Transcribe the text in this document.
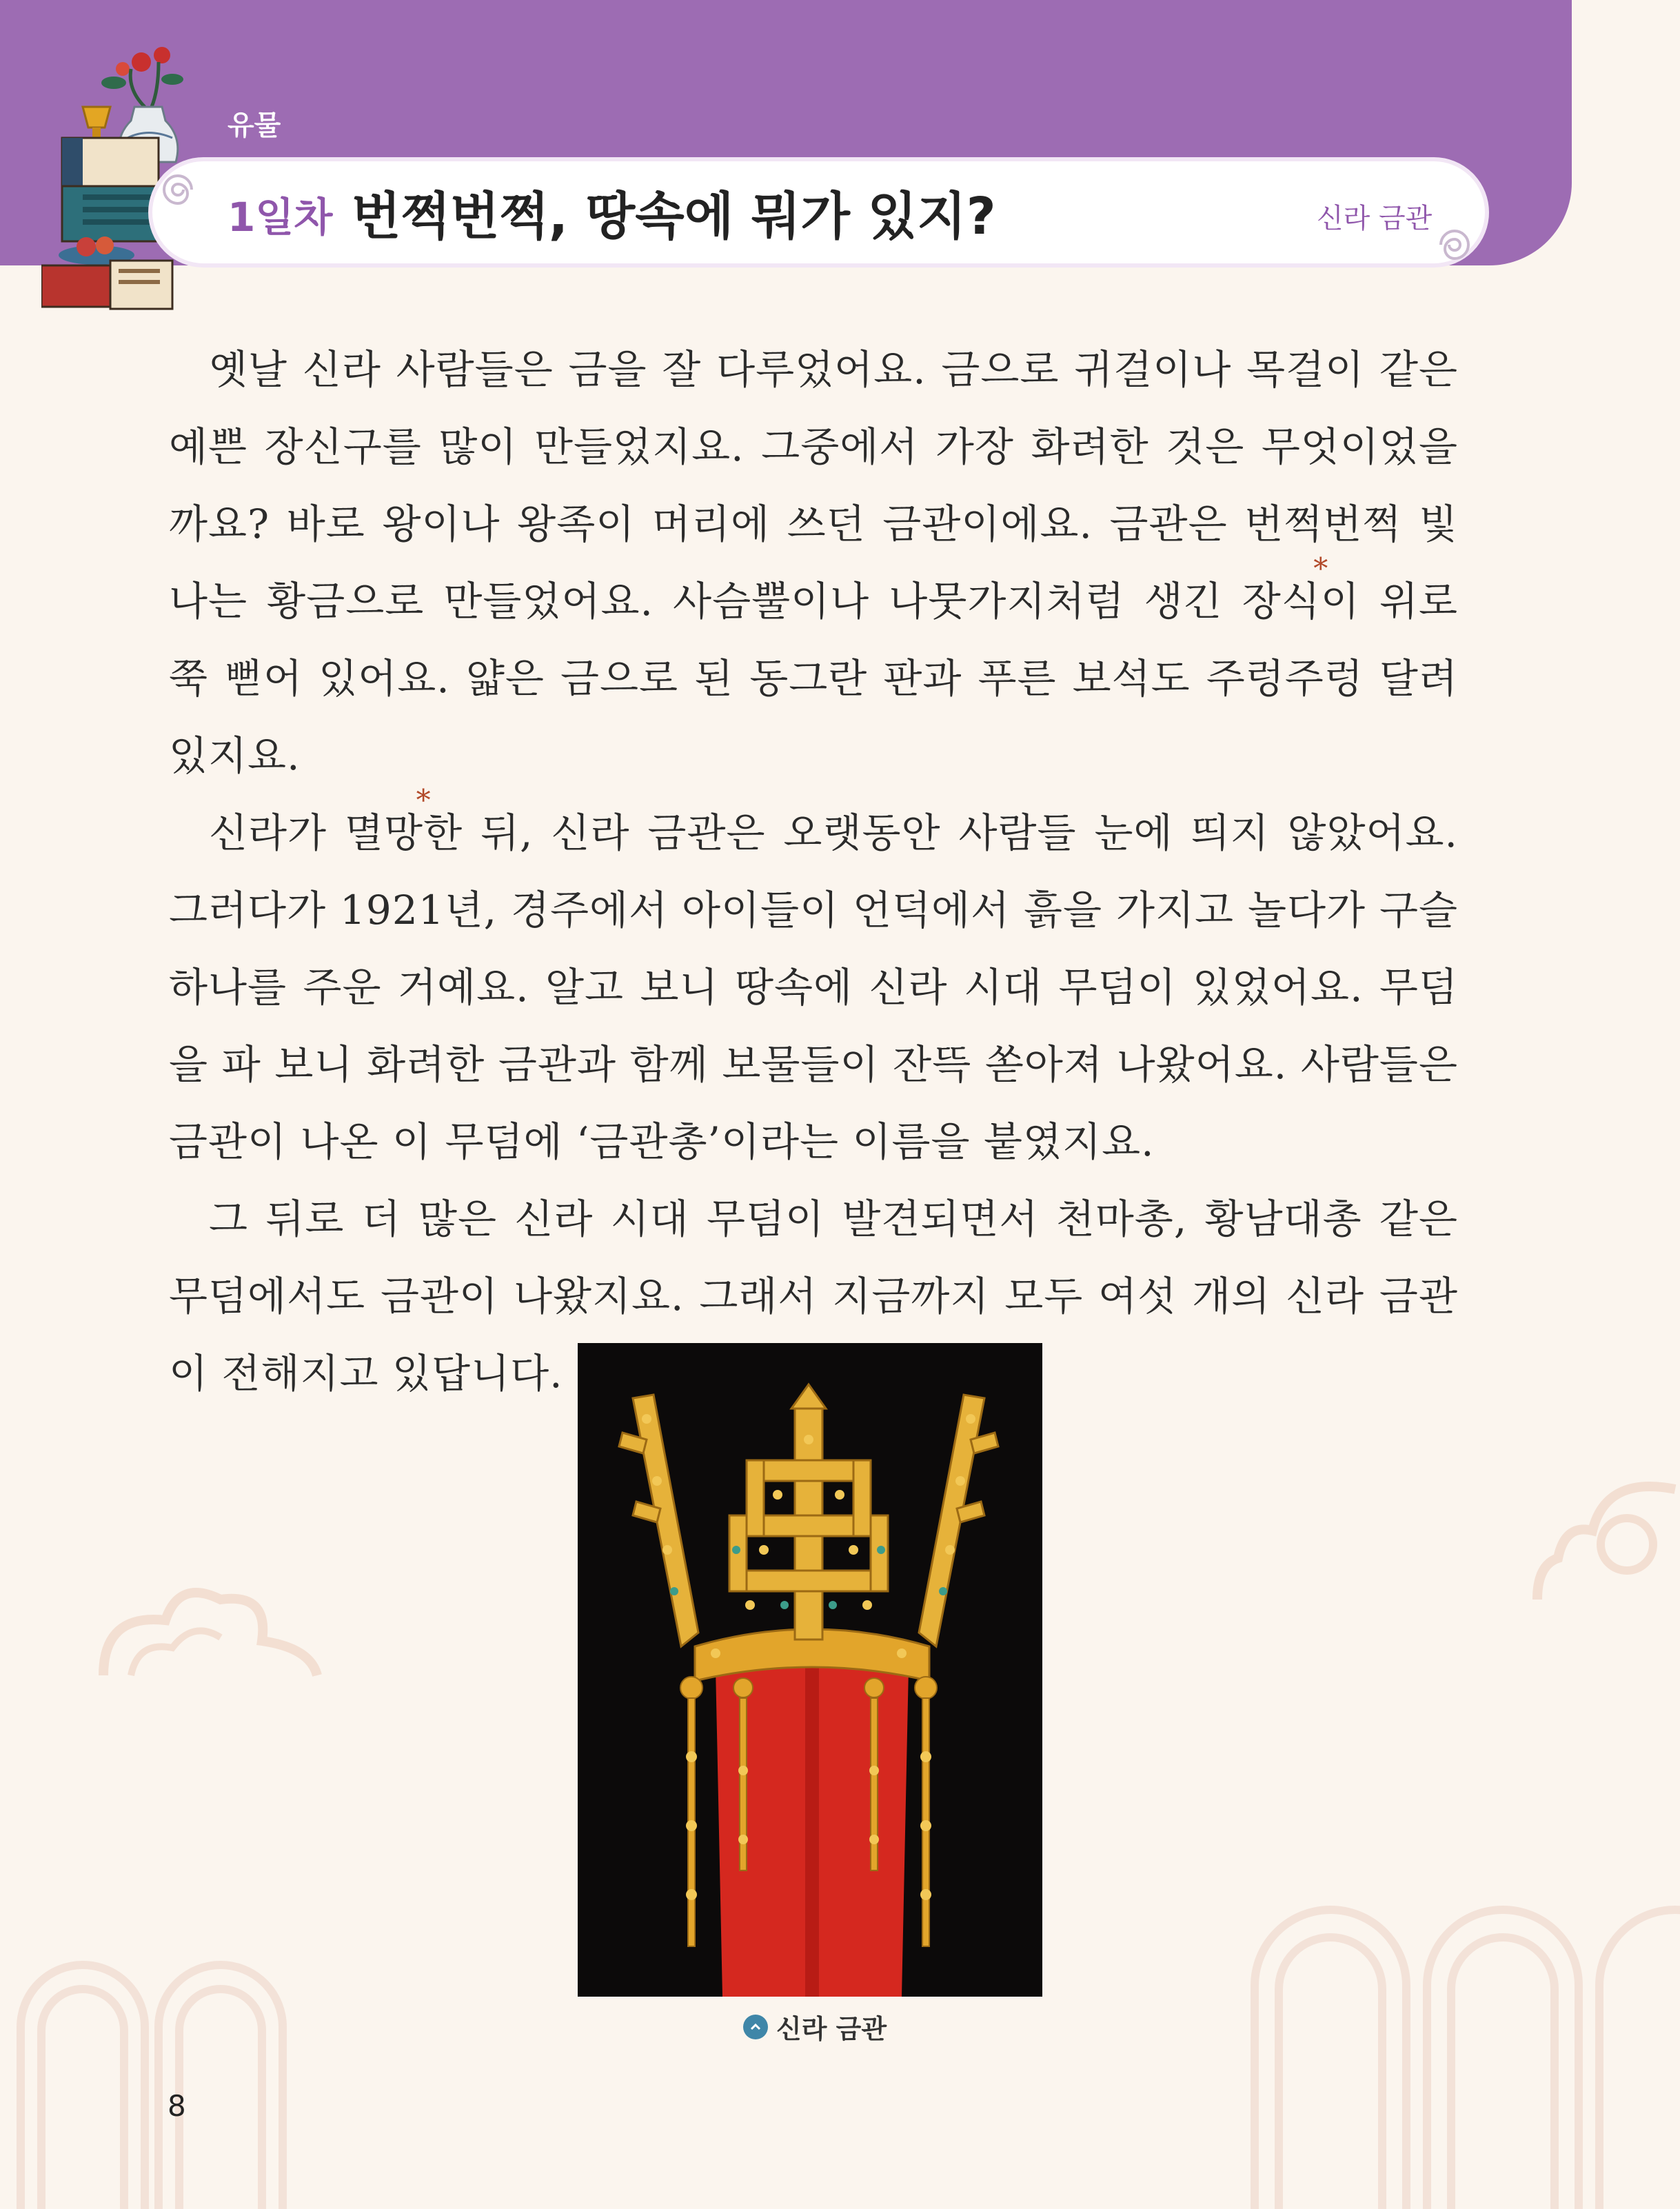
유물
1일차 번쩍번쩍, 땅속에 뭐가 있지?	신라 금관

옛날 신라 사람들은 금을 잘 다루었어요. 금으로 귀걸이나 목걸이 같은 예쁜 장신구를 많이 만들었지요. 그중에서 가장 화려한 것은 무엇이었을까요? 바로 왕이나 왕족이 머리에 쓰던 금관이에요. 금관은 번쩍번쩍 빛나는 황금으로 만들었어요. 사슴뿔이나 나뭇가지처럼 생긴 장* 식이 위로 쭉 뻗어 있어요. 얇은 금으로 된 동그란 판과 푸른 보석도 주렁주렁 달려 있지요.

신라가 멸* 망한 뒤, 신라 금관은 오랫동안 사람들 눈에 띄지 않았어요. 그러다가 1921년, 경주에서 아이들이 언덕에서 흙을 가지고 놀다가 구슬 하나를 주운 거예요. 알고 보니 땅속에 신라 시대 무덤이 있었어요. 무덤을 파 보니 화려한 금관과 함께 보물들이 잔뜩 쏟아져 나왔어요. 사람들은 금관이 나온 이 무덤에 ‘금관총’이라는 이름을 붙였지요.

그 뒤로 더 많은 신라 시대 무덤이 발견되면서 천마총, 황남대총 같은 무덤에서도 금관이 나왔지요. 그래서 지금까지 모두 여섯 개의 신라 금관이 전해지고 있답니다.

신라 금관
8
